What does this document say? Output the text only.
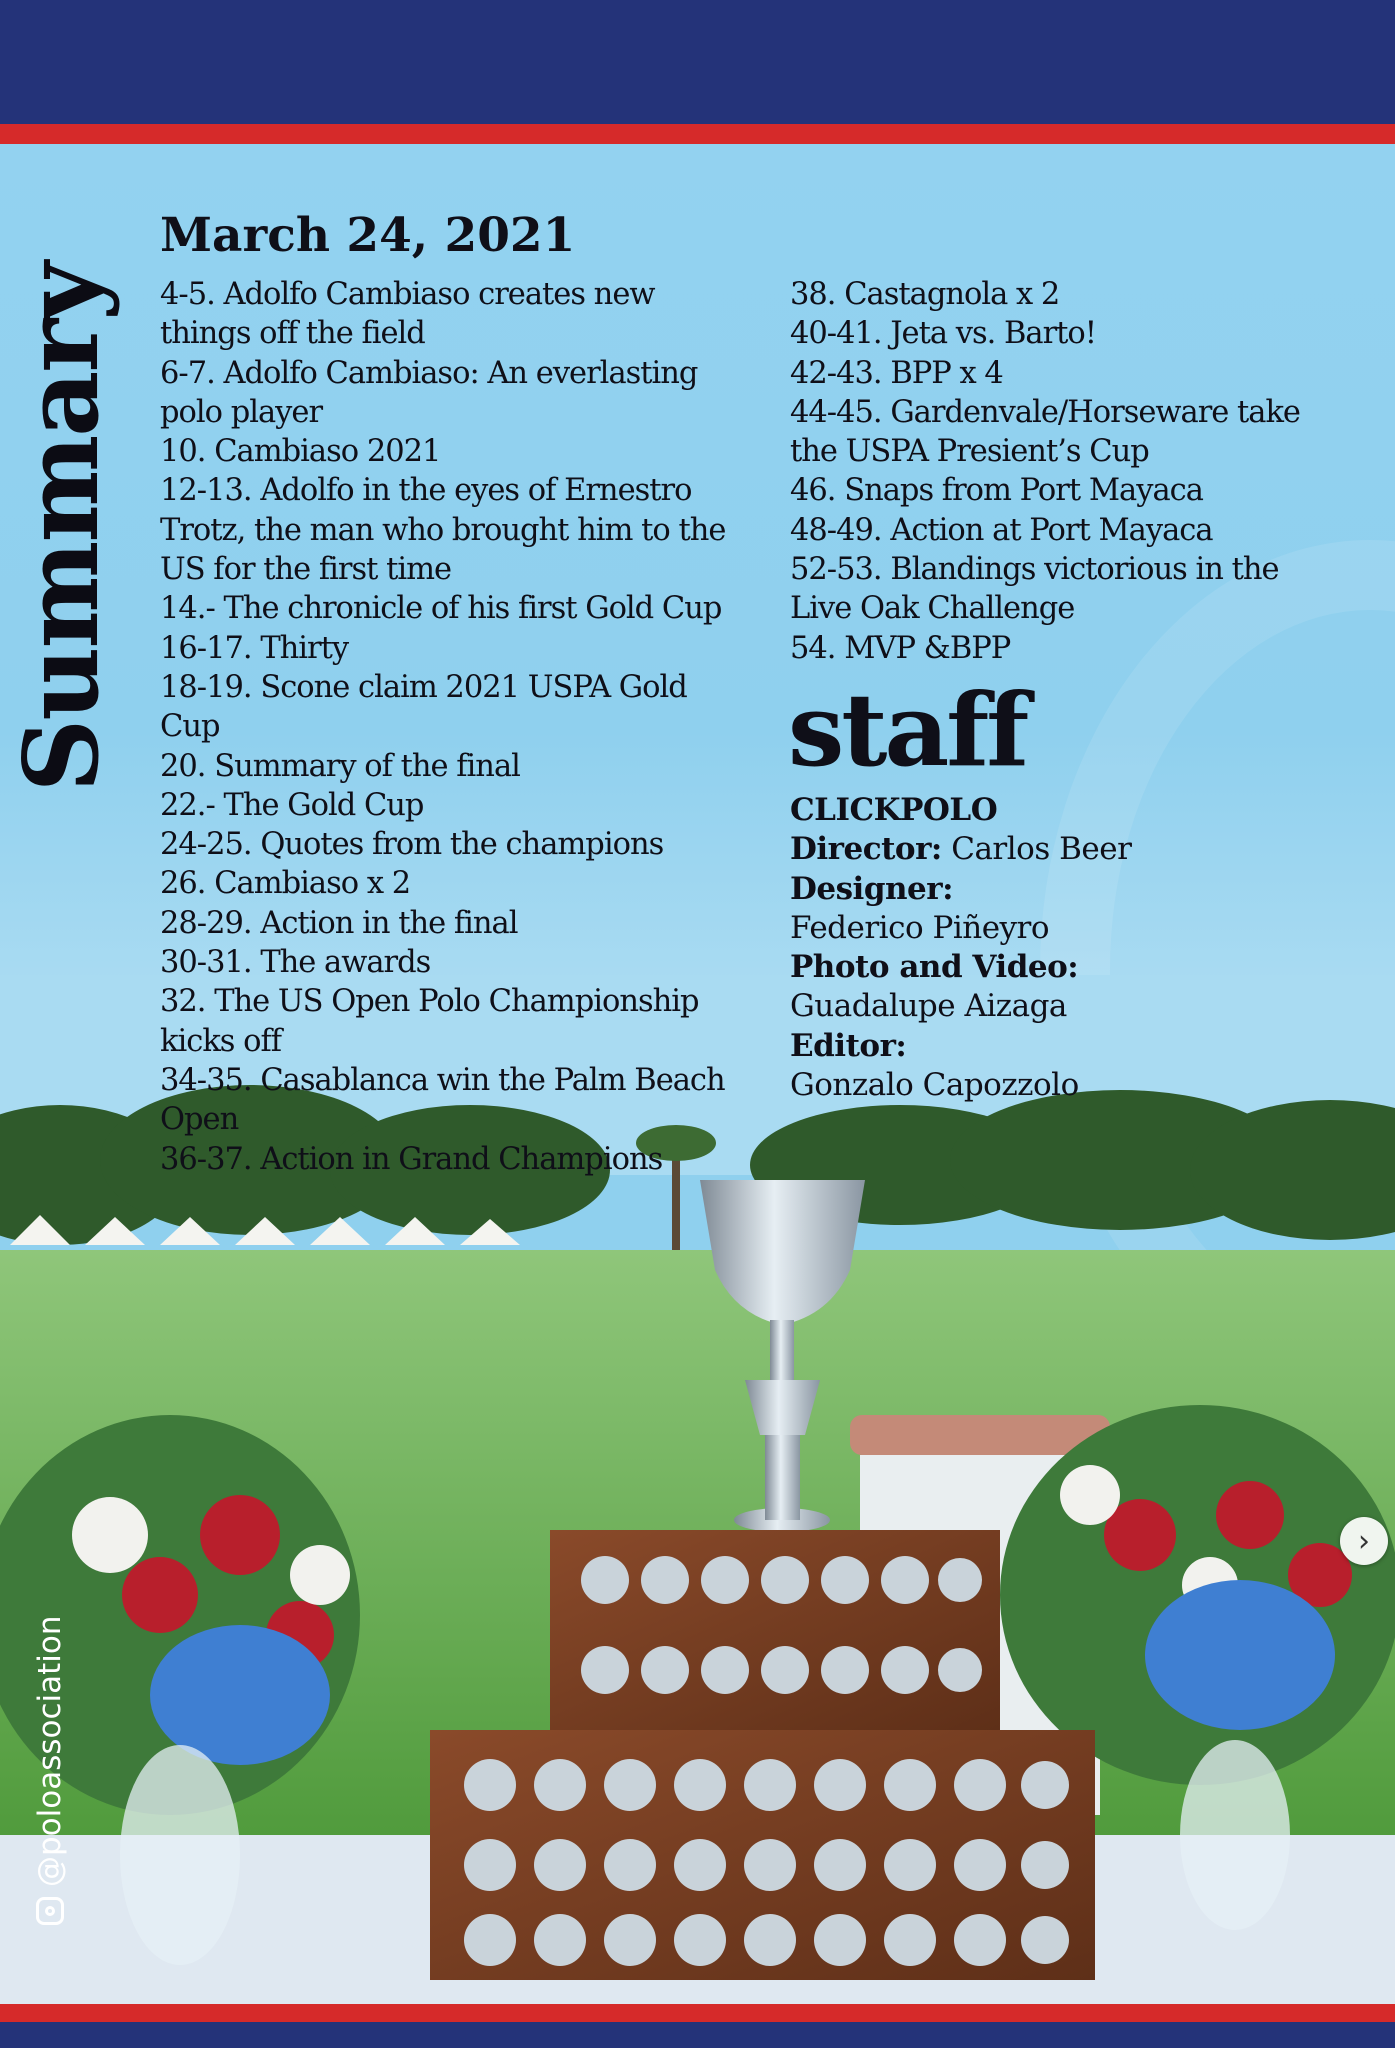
Summary
March 24, 2021
4-5. Adolfo Cambiaso creates new things off the field
6-7. Adolfo Cambiaso: An everlasting polo player
10. Cambiaso 2021
12-13. Adolfo in the eyes of Ernestro Trotz, the man who brought him to the US for the first time
14.- The chronicle of his first Gold Cup
16-17. Thirty
18-19. Scone claim 2021 USPA Gold Cup
20. Summary of the final
22.- The Gold Cup
24-25. Quotes from the champions
26. Cambiaso x 2
28-29. Action in the final
30-31. The awards
32. The US Open Polo Championship kicks off
34-35. Casablanca win the Palm Beach Open
36-37. Action in Grand Champions
38. Castagnola x 2
40-41. Jeta vs. Barto!
42-43. BPP x 4
44-45. Gardenvale/Horseware take the USPA Presient’s Cup
46. Snaps from Port Mayaca
48-49. Action at Port Mayaca
52-53. Blandings victorious in the Live Oak Challenge
54. MVP &BPP
staff
CLICKPOLO
Director: Carlos Beer
Designer:
Federico Piñeyro
Photo and Video:
Guadalupe Aizaga
Editor:
Gonzalo Capozzolo
@poloassociation
›
